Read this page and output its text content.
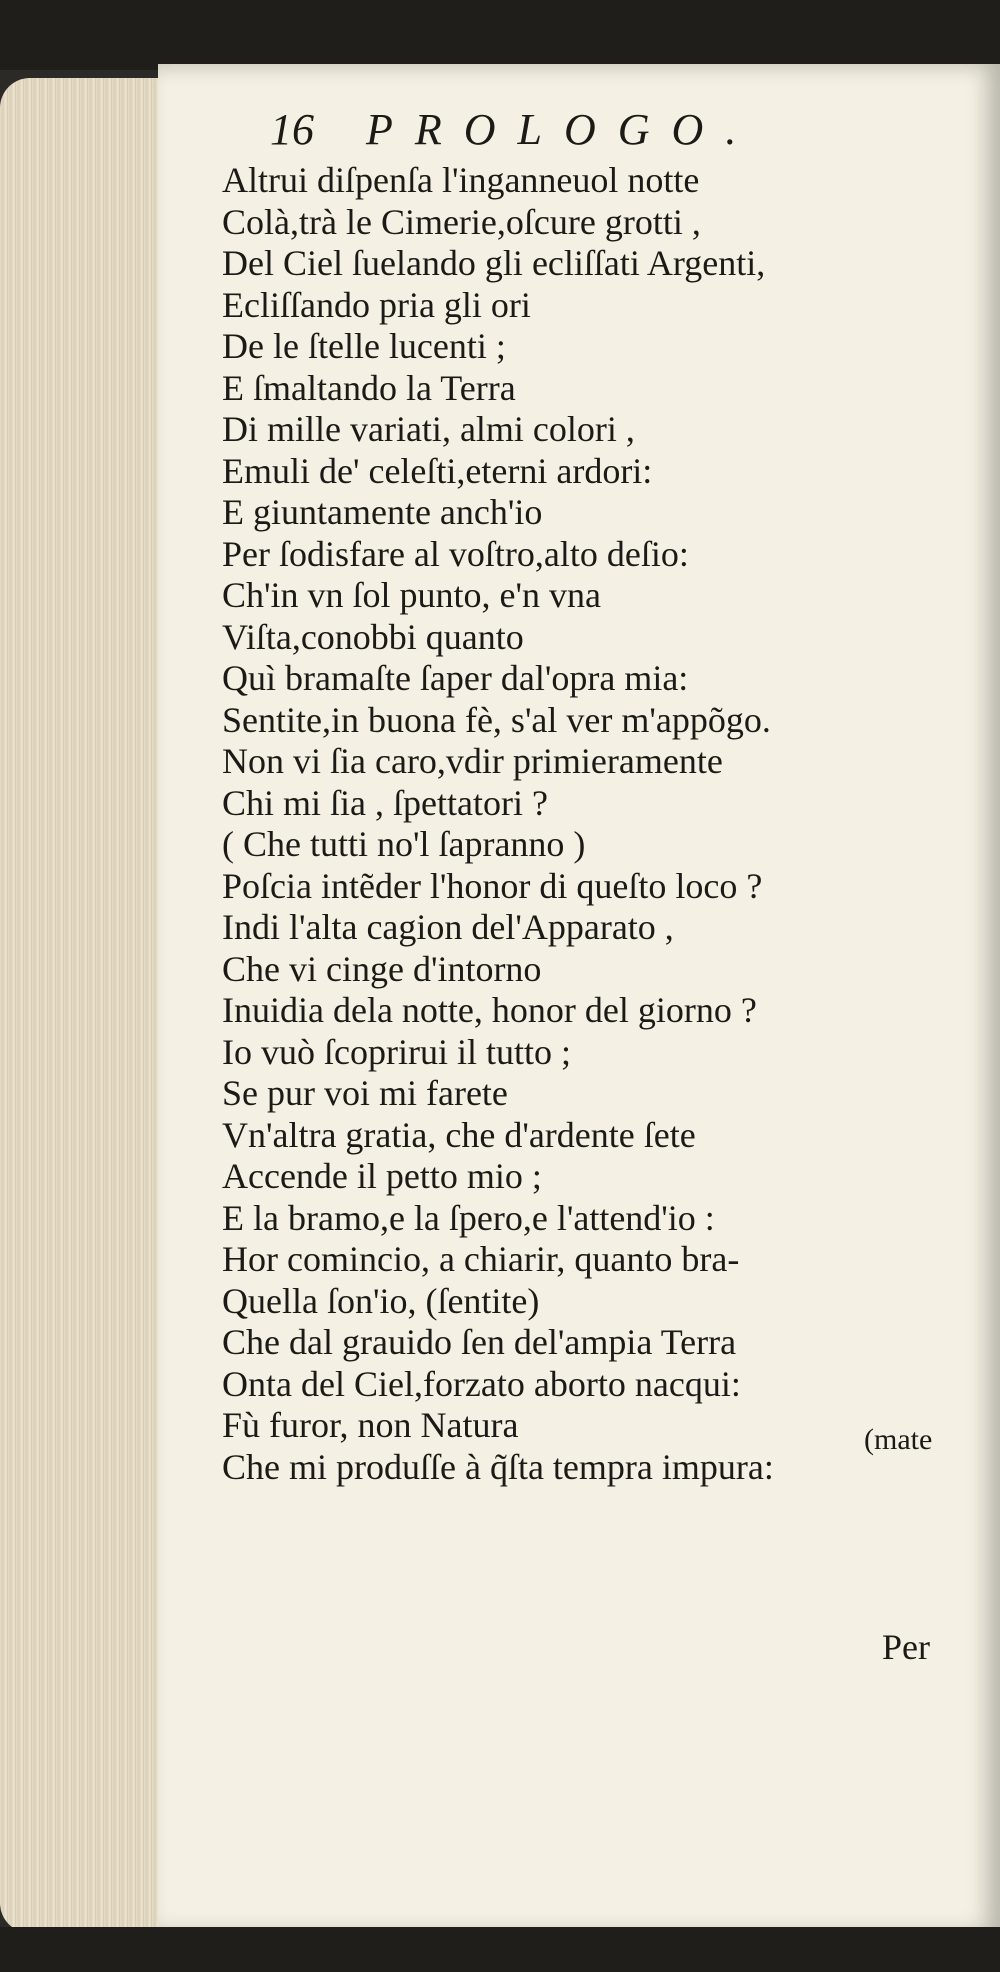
16 PROLOGO.
Altrui diſpenſa l'inganneuol notte
Colà,trà le Cimerie,oſcure grotti ,
Del Ciel ſuelando gli ecliſſati Argenti,
Ecliſſando pria gli ori
De le ſtelle lucenti ;
E ſmaltando la Terra
Di mille variati, almi colori ,
Emuli de' celeſti,eterni ardori:
E giuntamente anch'io
Per ſodisfare al voſtro,alto deſio:
Ch'in vn ſol punto, e'n vna
Viſta,conobbi quanto
Quì bramaſte ſaper dal'opra mia:
Sentite,in buona fè, s'al ver m'appõgo.
Non vi ſia caro,vdir primieramente
Chi mi ſia , ſpettatori ?
( Che tutti no'l ſapranno )
Poſcia intẽder l'honor di queſto loco ?
Indi l'alta cagion del'Apparato ,
Che vi cinge d'intorno
Inuidia dela notte, honor del giorno ?
Io vuò ſcoprirui il tutto ;
Se pur voi mi farete
Vn'altra gratia, che d'ardente ſete
Accende il petto mio ;
E la bramo,e la ſpero,e l'attend'io :
Hor comincio, a chiarir, quanto bra-
Quella ſon'io, (ſentite)
Che dal grauido ſen del'ampia Terra
Onta del Ciel,forzato aborto nacqui:
Fù furor, non Natura
Che mi produſſe à q̃ſta tempra impura:
(mate
Per
